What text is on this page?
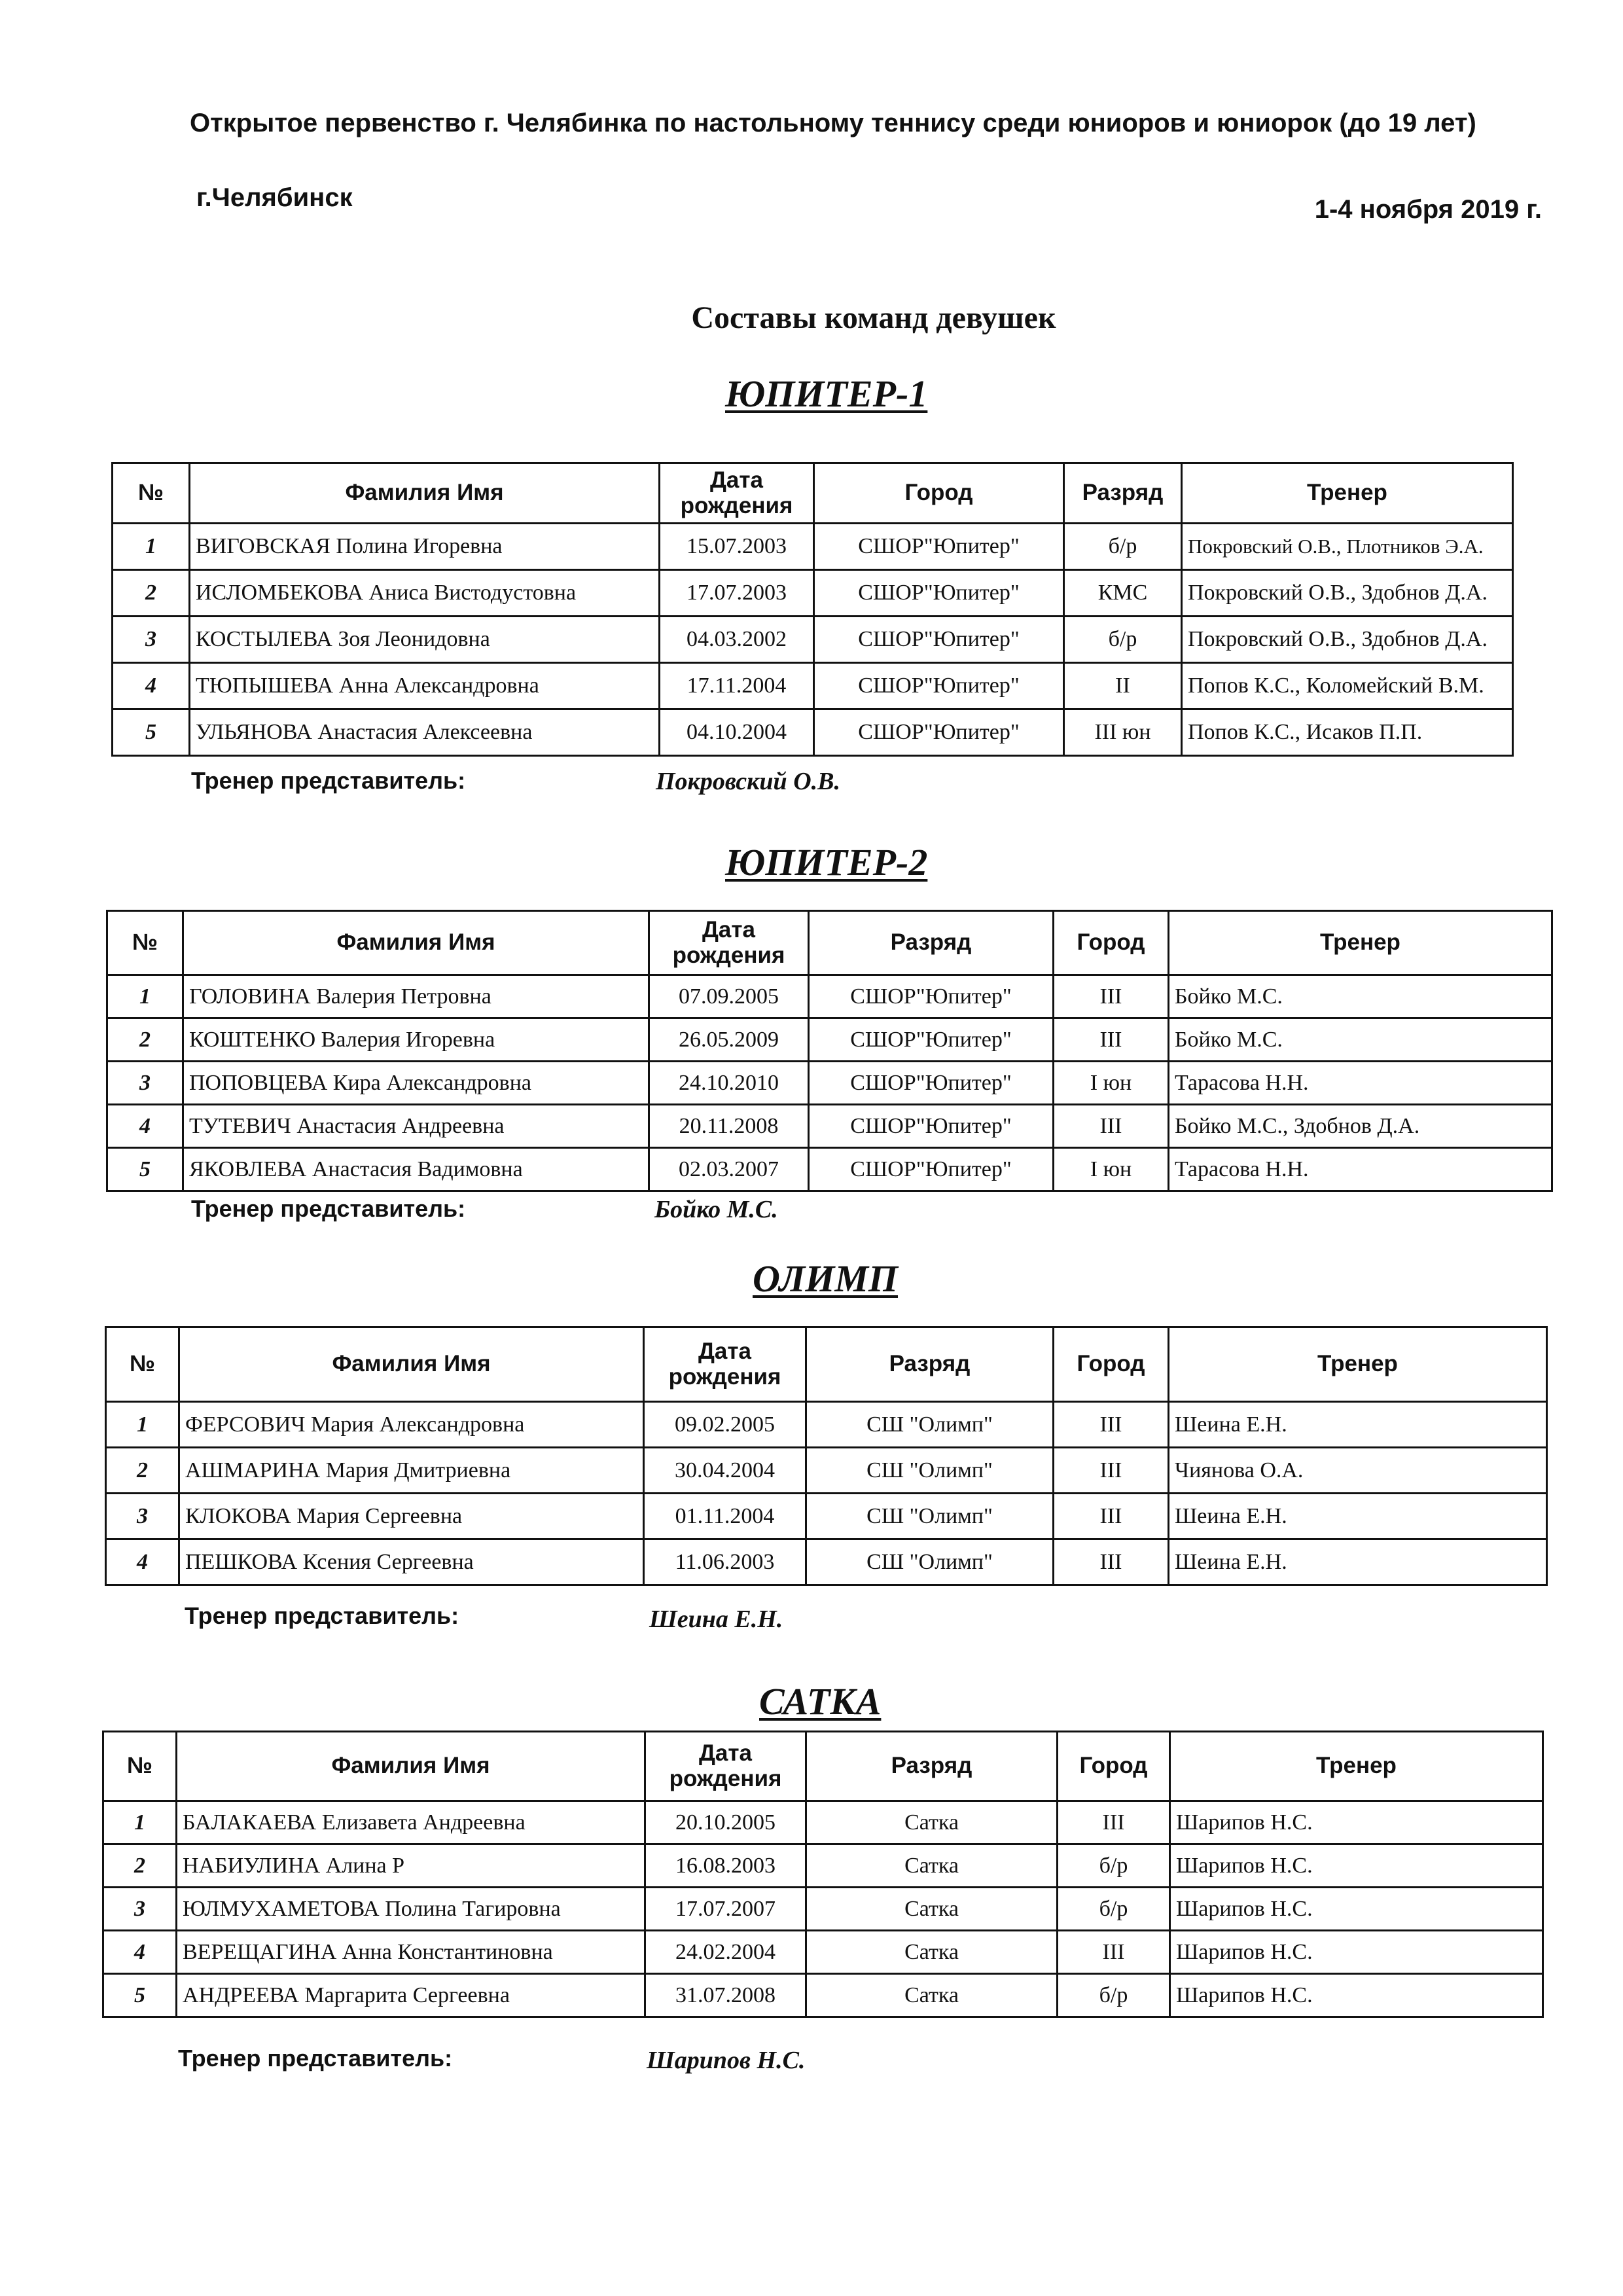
Открытое первенство г. Челябинка по настольному теннису среди юниоров и юниорок (до 19 лет)
г.Челябинск	1-4 ноября 2019 г.
Составы команд девушек
ЮПИТЕР-1
№	Фамилия Имя	Дата рождения	Город	Разряд	Тренер
1	ВИГОВСКАЯ Полина Игоревна	15.07.2003	СШОР"Юпитер"	б/р	Покровский О.В., Плотников Э.А.
2	ИСЛОМБЕКОВА Аниса Вистодустовна	17.07.2003	СШОР"Юпитер"	КМС	Покровский О.В., Здобнов Д.А.
3	КОСТЫЛЕВА Зоя Леонидовна	04.03.2002	СШОР"Юпитер"	б/р	Покровский О.В., Здобнов Д.А.
4	ТЮПЫШЕВА Анна Александровна	17.11.2004	СШОР"Юпитер"	II	Попов К.С., Коломейский В.М.
5	УЛЬЯНОВА Анастасия Алексеевна	04.10.2004	СШОР"Юпитер"	III юн	Попов К.С., Исаков П.П.
Тренер представитель:	Покровский О.В.
ЮПИТЕР-2
№	Фамилия Имя	Дата рождения	Разряд	Город	Тренер
1	ГОЛОВИНА Валерия Петровна	07.09.2005	СШОР"Юпитер"	III	Бойко М.С.
2	КОШТЕНКО Валерия Игоревна	26.05.2009	СШОР"Юпитер"	III	Бойко М.С.
3	ПОПОВЦЕВА Кира Александровна	24.10.2010	СШОР"Юпитер"	I юн	Тарасова Н.Н.
4	ТУТЕВИЧ Анастасия Андреевна	20.11.2008	СШОР"Юпитер"	III	Бойко М.С., Здобнов Д.А.
5	ЯКОВЛЕВА Анастасия Вадимовна	02.03.2007	СШОР"Юпитер"	I юн	Тарасова Н.Н.
Тренер представитель:	Бойко М.С.
ОЛИМП
№	Фамилия Имя	Дата рождения	Разряд	Город	Тренер
1	ФЕРСОВИЧ Мария Александровна	09.02.2005	СШ "Олимп"	III	Шеина Е.Н.
2	АШМАРИНА Мария Дмитриевна	30.04.2004	СШ "Олимп"	III	Чиянова О.А.
3	КЛОКОВА Мария Сергеевна	01.11.2004	СШ "Олимп"	III	Шеина Е.Н.
4	ПЕШКОВА Ксения Сергеевна	11.06.2003	СШ "Олимп"	III	Шеина Е.Н.
Тренер представитель:	Шеина Е.Н.
САТКА
№	Фамилия Имя	Дата рождения	Разряд	Город	Тренер
1	БАЛАКАЕВА Елизавета Андреевна	20.10.2005	Сатка	III	Шарипов Н.С.
2	НАБИУЛИНА Алина Р	16.08.2003	Сатка	б/р	Шарипов Н.С.
3	ЮЛМУХАМЕТОВА Полина Тагировна	17.07.2007	Сатка	б/р	Шарипов Н.С.
4	ВЕРЕЩАГИНА Анна Константиновна	24.02.2004	Сатка	III	Шарипов Н.С.
5	АНДРЕЕВА Маргарита Сергеевна	31.07.2008	Сатка	б/р	Шарипов Н.С.
Тренер представитель:	Шарипов Н.С.
